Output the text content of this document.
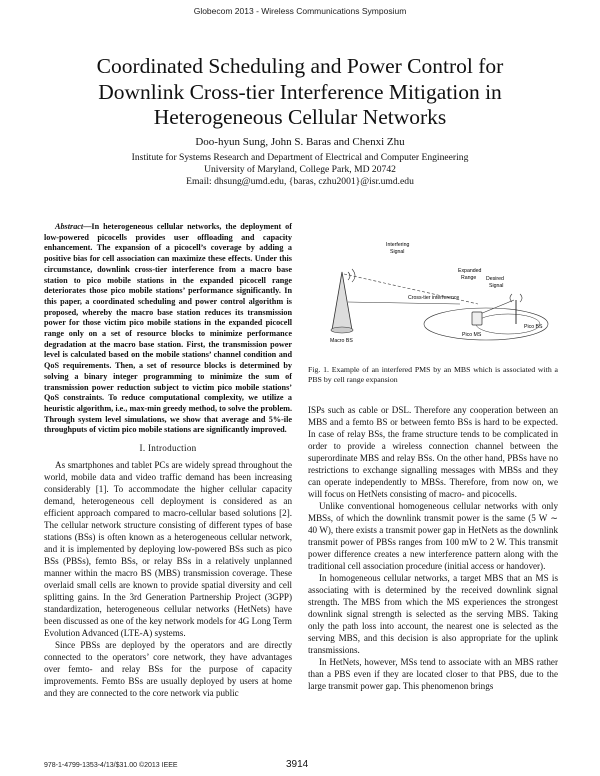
Globecom 2013 - Wireless Communications Symposium
Coordinated Scheduling and Power Control for
Downlink Cross-tier Interference Mitigation in
Heterogeneous Cellular Networks
Doo-hyun Sung, John S. Baras and Chenxi Zhu
Institute for Systems Research and Department of Electrical and Computer Engineering
University of Maryland, College Park, MD 20742
Email: dhsung@umd.edu, {baras, czhu2001}@isr.umd.edu

Abstract—In heterogeneous cellular networks, the deployment of low-powered picocells provides user offloading and capacity enhancement. The expansion of a picocell’s coverage by adding a positive bias for cell association can maximize these effects. Under this circumstance, downlink cross-tier interference from a macro base station to pico mobile stations in the expanded picocell range deteriorates those pico mobile stations’ performance significantly. In this paper, a coordinated scheduling and power control algorithm is proposed, whereby the macro base station reduces its transmission power for those victim pico mobile stations in the expanded picocell range only on a set of resource blocks to minimize performance degradation at the macro base station. First, the transmission power level is calculated based on the mobile stations’ channel condition and QoS requirements. Then, a set of resource blocks is determined by solving a binary integer programming to minimize the sum of transmission power reduction subject to victim pico mobile stations’ QoS constraints. To reduce computational complexity, we utilize a heuristic algorithm, i.e., max-min greedy method, to solve the problem. Through system level simulations, we show that average and 5%-ile throughputs of victim pico mobile stations are significantly improved.

I. Introduction

As smartphones and tablet PCs are widely spread throughout the world, mobile data and video traffic demand has been increasing considerably [1]. To accommodate the higher cellular capacity demand, heterogeneous cell deployment is considered as an efficient approach compared to macro-cellular based solutions [2]. The cellular network structure consisting of different types of base stations (BSs) is often known as a heterogeneous cellular network, and it is implemented by deploying low-powered BSs such as pico BSs (PBSs), femto BSs, or relay BSs in a relatively unplanned manner within the macro BS (MBS) transmission coverage. These overlaid small cells are known to provide spatial diversity and cell splitting gains. In the 3rd Generation Partnership Project (3GPP) standardization, heterogeneous cellular networks (HetNets) have been discussed as one of the key network models for 4G Long Term Evolution Advanced (LTE-A) systems.

Since PBSs are deployed by the operators and are directly connected to the operators’ core network, they have advantages over femto- and relay BSs for the purpose of capacity improvements. Femto BSs are usually deployed by users at home and they are connected to the core network via public

Interfering
Signal
Expanded
Range Desired
Signal
Cross-tier interference
Macro BS
Pico BS
Pico MS
Fig. 1. Example of an interfered PMS by an MBS which is associated with a PBS by cell range expansion

ISPs such as cable or DSL. Therefore any cooperation between an MBS and a femto BS or between femto BSs is hard to be expected. In case of relay BSs, the frame structure tends to be complicated in order to provide a wireless connection channel between the superordinate MBS and relay BSs. On the other hand, PBSs have no restrictions to exchange signalling messages with MBSs and they can operate independently to MBSs. Therefore, from now on, we will focus on HetNets consisting of macro- and picocells.

Unlike conventional homogeneous cellular networks with only MBSs, of which the downlink transmit power is the same (5 W ∼ 40 W), there exists a transmit power gap in HetNets as the downlink transmit power of PBSs ranges from 100 mW to 2 W. This transmit power difference creates a new interference pattern along with the traditional cell association procedure (initial access or handover).

In homogeneous cellular networks, a target MBS that an MS is associating with is determined by the received downlink signal strength. The MBS from which the MS experiences the strongest downlink signal strength is selected as the serving MBS. Taking only the path loss into account, the nearest one is selected as the serving MBS, and this decision is also appropriate for the uplink transmissions.

In HetNets, however, MSs tend to associate with an MBS rather than a PBS even if they are located closer to that PBS, due to the large transmit power gap. This phenomenon brings

978-1-4799-1353-4/13/$31.00 ©2013 IEEE	3914
